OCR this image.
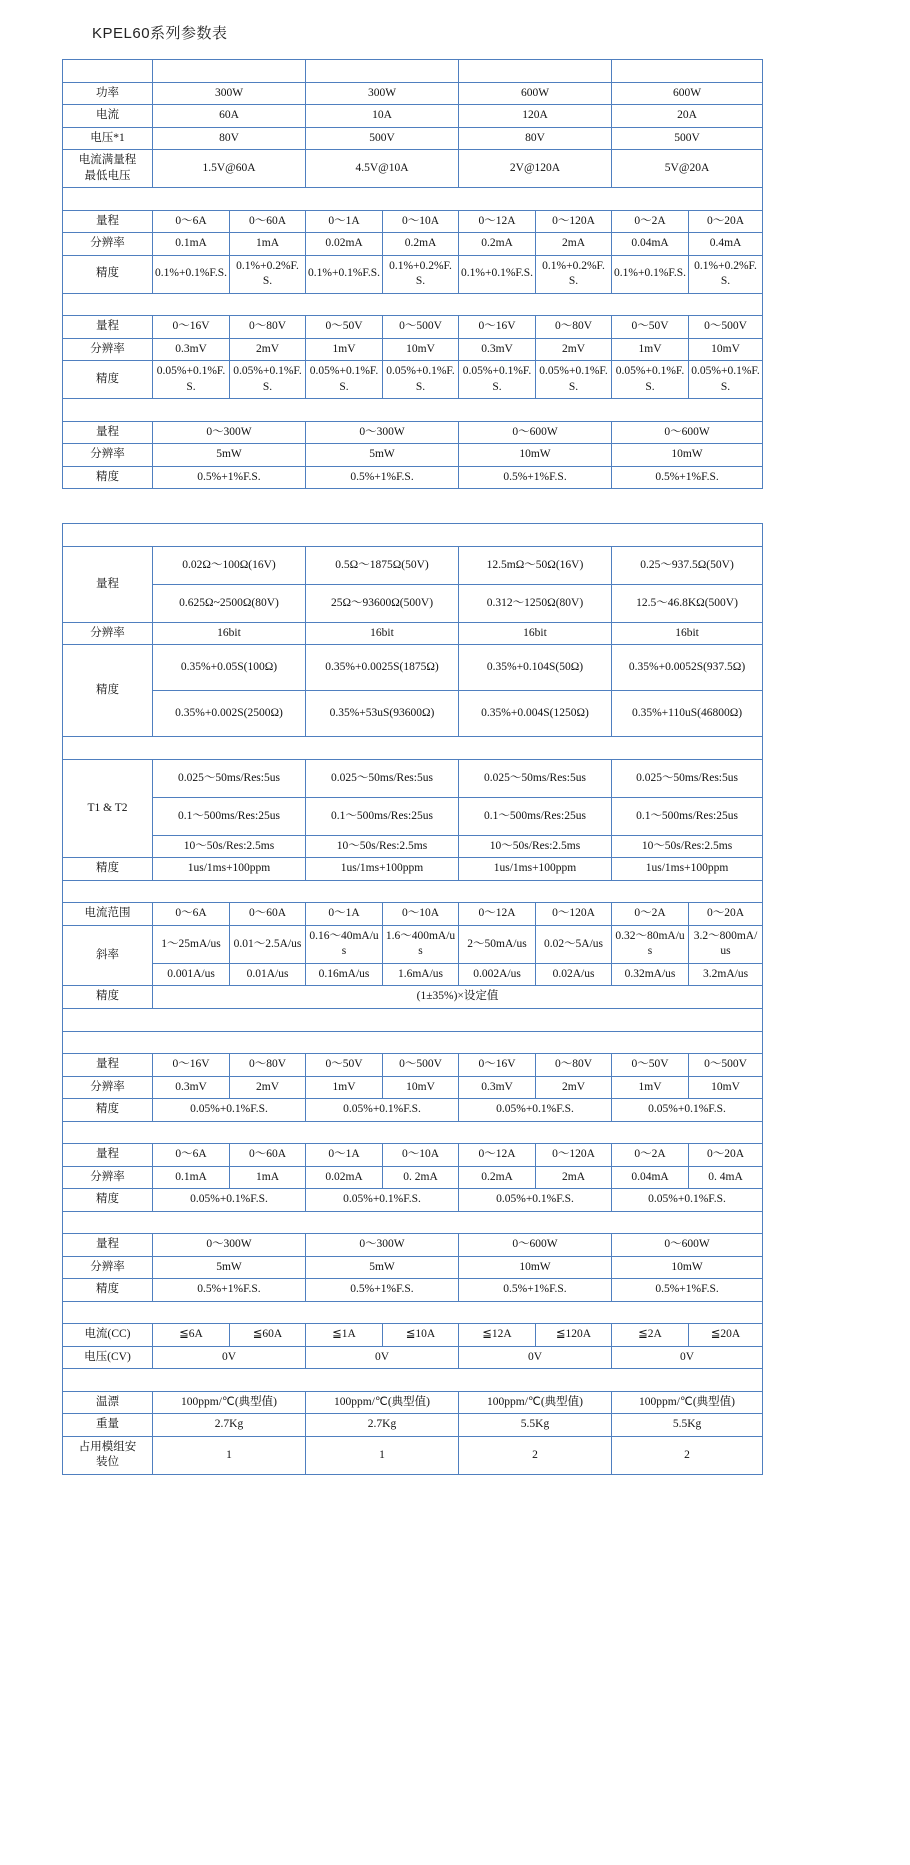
KPEL60系列参数表
型号	KPEL603A		KPEL603B		KPEL606A		KPEL606B	
功率	300W		300W		600W		600W	
电流	60A		10A		120A		20A	
电压*1	80V		500V		80V		500V	

电流满量程
最低电压	1.5V@60A		4.5V@10A		2V@120A		5V@20A	
恒电流模式								
量程	0～6A	0～60A	0～1A	0～10A	0～12A	0～120A	0～2A	0～20A
分辨率	0.1mA	1mA	0.02mA	0.2mA	0.2mA	2mA	0.04mA	0.4mA
精度	0.1%+0.1%F.S.	0.1%+0.2%F.S.	0.1%+0.1%F.S.	0.1%+0.2%F.S.	0.1%+0.1%F.S.	0.1%+0.2%F.S.	0.1%+0.1%F.S.	0.1%+0.2%F.S.
恒电压模式								
量程	0～16V	0～80V	0～50V	0～500V	0～16V	0～80V	0～50V	0～500V
分辨率	0.3mV	2mV	1mV	10mV	0.3mV	2mV	1mV	10mV
精度	0.05%+0.1%F.S.	0.05%+0.1%F.S.	0.05%+0.1%F.S.	0.05%+0.1%F.S.	0.05%+0.1%F.S.	0.05%+0.1%F.S.	0.05%+0.1%F.S.	0.05%+0.1%F.S.
恒功率模式								
量程	0～300W		0～300W		0～600W		0～600W	
分辨率	5mW		5mW		10mW		10mW	
精度	0.5%+1%F.S.		0.5%+1%F.S.		0.5%+1%F.S.		0.5%+1%F.S.	
恒电阻模式								
量程	0.02Ω～100Ω(16V)		0.5Ω～1875Ω(50V)		12.5mΩ～50Ω(16V)		0.25～937.5Ω(50V)	
	0.625Ω~2500Ω(80V)		25Ω～93600Ω(500V)		0.312～1250Ω(80V)		12.5～46.8KΩ(500V)	
分辨率	16bit		16bit		16bit		16bit	
精度	0.35%+0.05S(100Ω)		0.35%+0.0025S(1875Ω)		0.35%+0.104S(50Ω)		0.35%+0.0052S(937.5Ω)	
	0.35%+0.002S(2500Ω)		0.35%+53uS(93600Ω)		0.35%+0.004S(1250Ω)		0.35%+110uS(46800Ω)	
瞬态								
T1 & T2	0.025～50ms/Res:5us		0.025～50ms/Res:5us		0.025～50ms/Res:5us		0.025～50ms/Res:5us	
	0.1～500ms/Res:25us		0.1～500ms/Res:25us		0.1～500ms/Res:25us		0.1～500ms/Res:25us	
	10～50s/Res:2.5ms		10～50s/Res:2.5ms		10～50s/Res:2.5ms		10～50s/Res:2.5ms	
精度	1us/1ms+100ppm		1us/1ms+100ppm		1us/1ms+100ppm		1us/1ms+100ppm	
斜率								
电流范围	0～6A	0～60A	0～1A	0～10A	0～12A	0～120A	0～2A	0～20A
斜率	1～25mA/us	0.01～2.5A/us	0.16～40mA/us	1.6～400mA/us	2～50mA/us	0.02～5A/us	0.32～80mA/us	3.2～800mA/us
	0.001A/us	0.01A/us	0.16mA/us	1.6mA/us	0.002A/us	0.02A/us	0.32mA/us	3.2mA/us
精度	(1±35%)×设定值							
测量								
电压测量								
量程	0～16V	0～80V	0～50V	0～500V	0～16V	0～80V	0～50V	0～500V
分辨率	0.3mV	2mV	1mV	10mV	0.3mV	2mV	1mV	10mV
精度	0.05%+0.1%F.S.		0.05%+0.1%F.S.		0.05%+0.1%F.S.		0.05%+0.1%F.S.	
电流测量								
量程	0～6A	0～60A	0～1A	0～10A	0～12A	0～120A	0～2A	0～20A
分辨率	0.1mA	1mA	0.02mA	0. 2mA	0.2mA	2mA	0.04mA	0. 4mA
精度	0.05%+0.1%F.S.		0.05%+0.1%F.S.		0.05%+0.1%F.S.		0.05%+0.1%F.S.	
功率测量								
量程	0～300W		0～300W		0～600W		0～600W	
分辨率	5mW		5mW		10mW		10mW	
精度	0.5%+1%F.S.		0.5%+1%F.S.		0.5%+1%F.S.		0.5%+1%F.S.	
短路特性								
电流(CC)	≦6A	≦60A	≦1A	≦10A	≦12A	≦120A	≦2A	≦20A
电压(CV)	0V		0V		0V		0V	
其它特性								
温漂	100ppm/℃(典型值)		100ppm/℃(典型值)		100ppm/℃(典型值)		100ppm/℃(典型值)	
重量	2.7Kg		2.7Kg		5.5Kg		5.5Kg	

占用模组安
装位	1		1		2		2	
